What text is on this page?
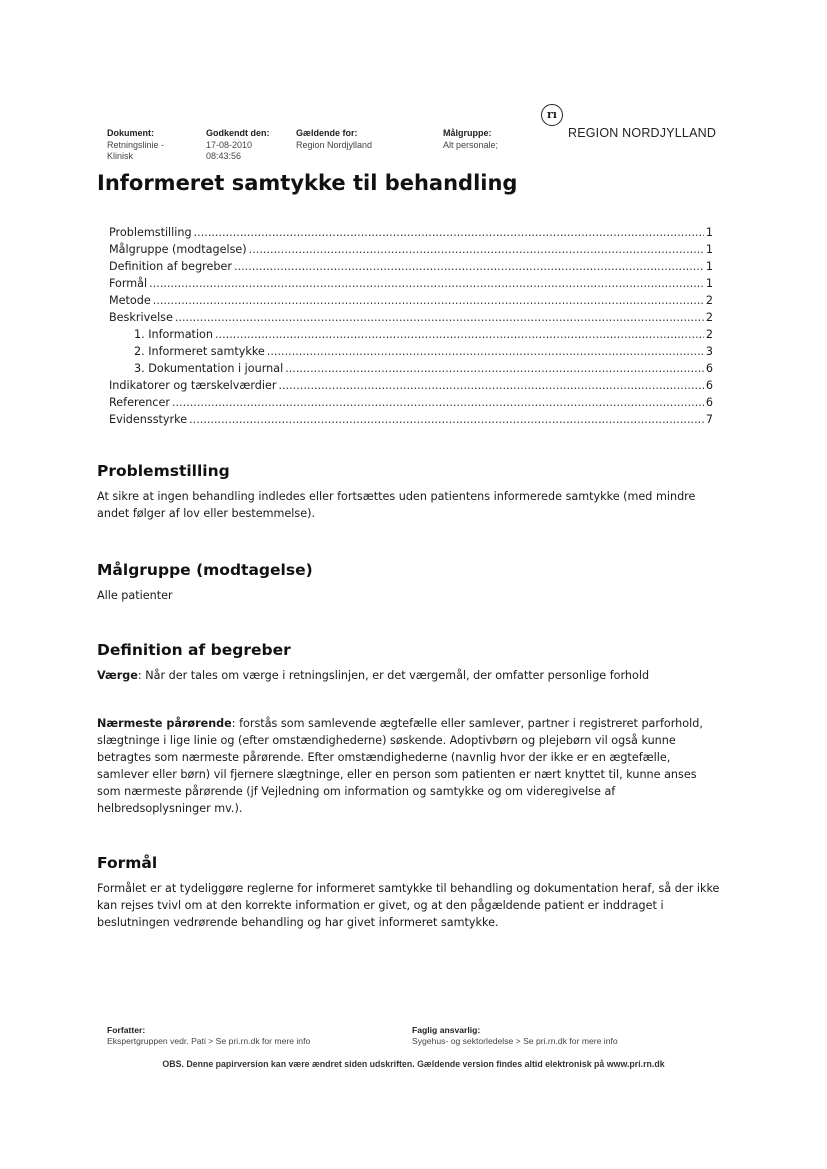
Dokument:
Retningslinie -
Klinisk
Godkendt den:
17-08-2010
08:43:56
Gældende for:
Region Nordjylland
Målgruppe:
Alt personale;
rı
REGION NORDJYLLAND
Informeret samtykke til behandling
Problemstilling .....	1
Målgruppe (modtagelse) .....	1
Definition af begreber .....	1
Formål .....	1
Metode .....	2
Beskrivelse .....	2
1. Information .....	2
2. Informeret samtykke .....	3
3. Dokumentation i journal .....	6
Indikatorer og tærskelværdier .....	6
Referencer .....	6
Evidensstyrke .....	7
Problemstilling

At sikre at ingen behandling indledes eller fortsættes uden patientens informerede samtykke (med mindre andet følger af lov eller bestemmelse).

Målgruppe (modtagelse)

Alle patienter

Definition af begreber

Værge: Når der tales om værge i retningslinjen, er det værgemål, der omfatter personlige forhold

Nærmeste pårørende: forstås som samlevende ægtefælle eller samlever, partner i registreret parforhold, slægtninge i lige linie og (efter omstændighederne) søskende. Adoptivbørn og plejebørn vil også kunne betragtes som nærmeste pårørende. Efter omstændighederne (navnlig hvor der ikke er en ægtefælle, samlever eller børn) vil fjernere slægtninge, eller en person som patienten er nært knyttet til, kunne anses som nærmeste pårørende (jf Vejledning om information og samtykke og om videregivelse af helbredsoplysninger mv.).

Formål

Formålet er at tydeliggøre reglerne for informeret samtykke til behandling og dokumentation heraf, så der ikke kan rejses tvivl om at den korrekte information er givet, og at den pågældende patient er inddraget i beslutningen vedrørende behandling og har givet informeret samtykke.

Forfatter:
Ekspertgruppen vedr. Pati > Se pri.rn.dk for mere info
Faglig ansvarlig:
Sygehus- og sektorledelse > Se pri.rn.dk for mere info
OBS. Denne papirversion kan være ændret siden udskriften. Gældende version findes altid elektronisk på www.pri.rn.dk
